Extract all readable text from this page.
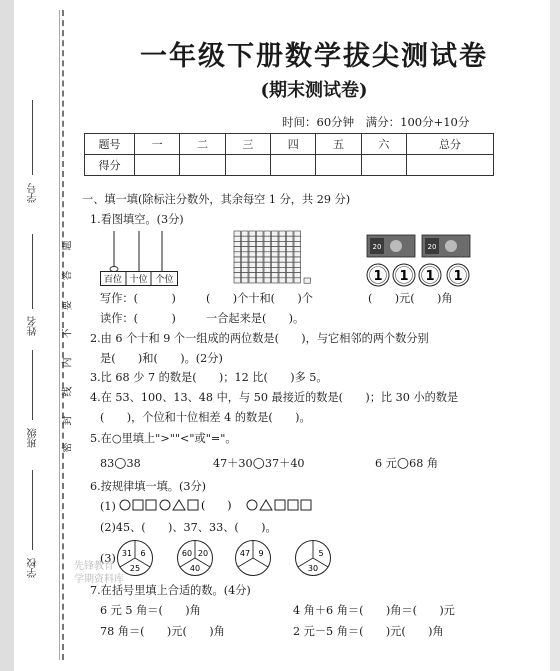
学号
姓名
班级
学校
题
答
要
不
内
线
封
密
一年级下册数学拔尖测试卷
(期末测试卷)
时间：60分钟　满分：100分+10分
题号	一	二	三	四	五	六	总分
得分							
一、填一填(除标注分数外，其余每空 1 分，共 29 分)
1.看图填空。(3分)
百位 十位 个位
20	20
1 1 1 1
写作：(　　　)	(　　)个十和(　　)个	(　　)元(　　)角
读作：(　　　)	一合起来是(　　)。
2.由 6 个十和 9 个一组成的两位数是(　　)，与它相邻的两个数分别
是(　　)和(　　)。(2分)
3.比 68 少 7 的数是(　　)；12 比(　　)多 5。
4.在 53、100、13、48 中，与 50 最接近的数是(　　)；比 30 小的数是
(　　)，个位和十位相差 4 的数是(　　)。
5.在○里填上">""<"或"="。
83○38	47＋30○37＋40	6 元○68 角
6.按规律填一填。(3分)
(1)	(　　)
(2)45、(　　)、37、33、(　　)。
(3) 31 6
25
60 20
40
47 9	5
30
7.在括号里填上合适的数。(4分)
6 元 5 角＝(　　)角	4 角＋6 角＝(　　)角＝(　　)元
78 角＝(　　)元(　　)角	2 元－5 角＝(　　)元(　　)角
先锋教育
学期资料库
